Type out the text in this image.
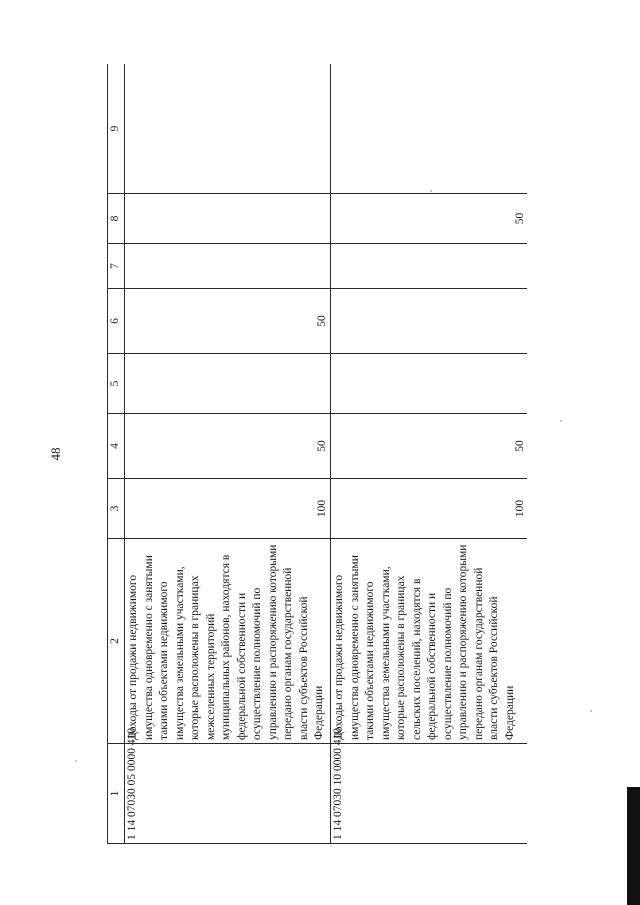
48
1	2	3	4	5	6	7	8	9
1 14 07030 05 0000 410	Доходы от продажи недвижимого имущества одновременно с занятыми такими объектами недвижимого имущества земельными участками, которые расположены в границах межселенных территорий муниципальных районов, находятся в федеральной собственности и осуществление полномочий по управлению и распоряжению которыми передано органам государственной власти субъектов Российской Федерации	100	50		50			
1 14 07030 10 0000 410	Доходы от продажи недвижимого имущества одновременно с занятыми такими объектами недвижимого имущества земельными участками, которые расположены в границах сельских поселений, находятся в федеральной собственности и осуществление полномочий по управлению и распоряжению которыми передано органам государственной власти субъектов Российской Федерации	100	50				50	
